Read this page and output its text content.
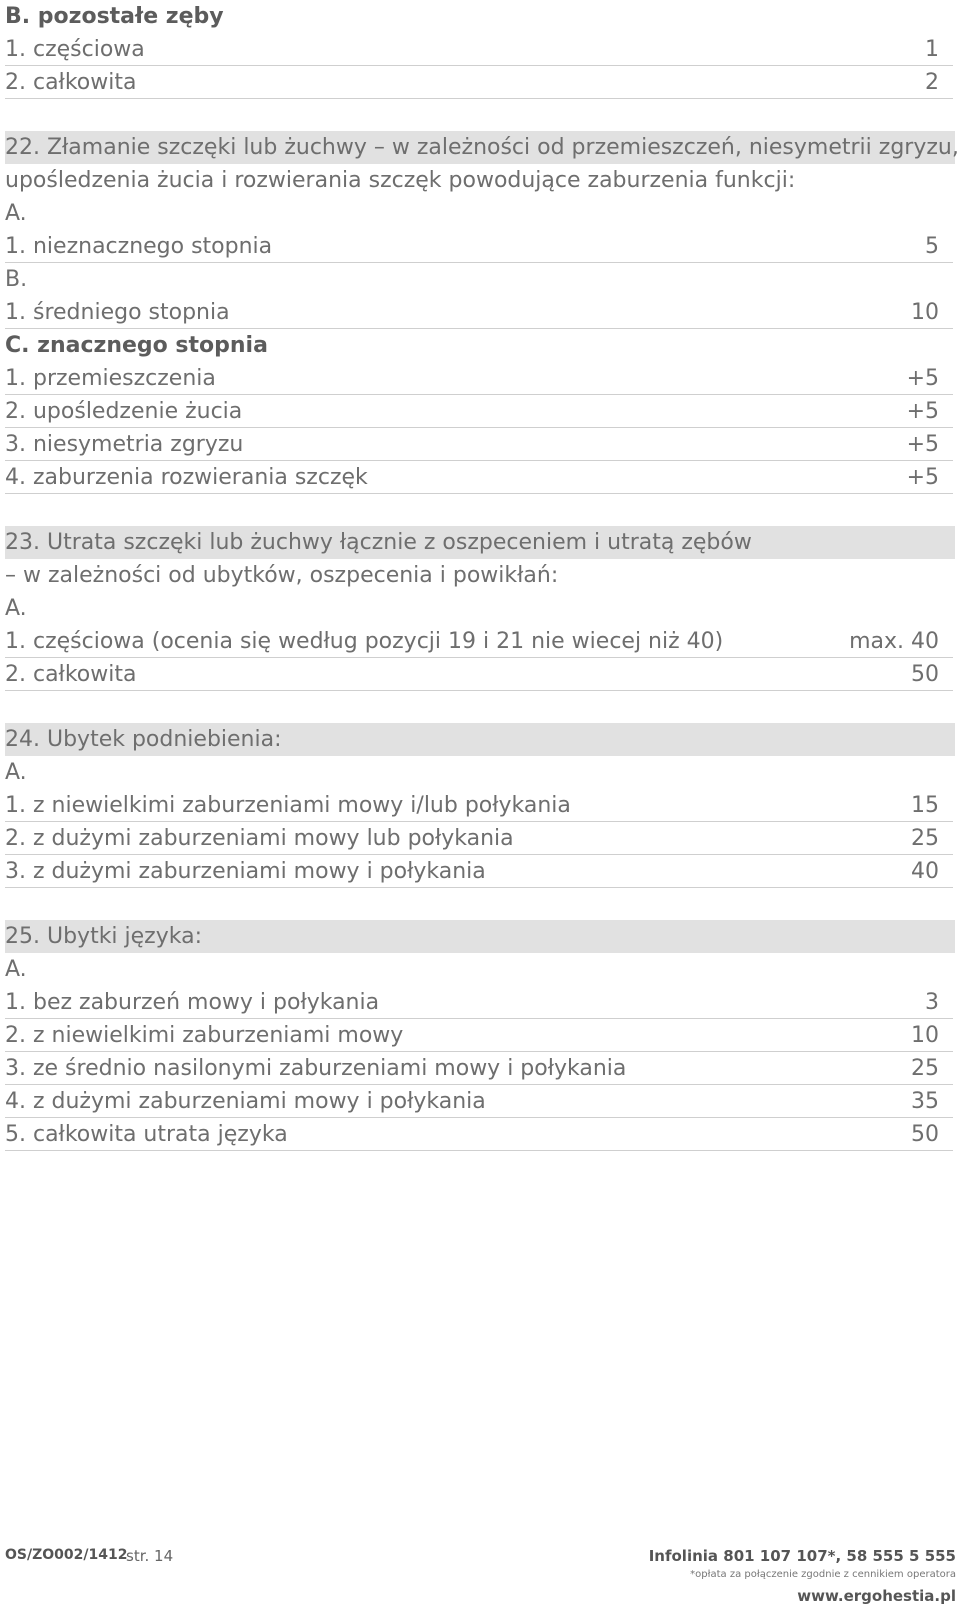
B. pozostałe zęby
1. częściowa	1
2. całkowita	2
22. Złamanie szczęki lub żuchwy – w zależności od przemieszczeń, niesymetrii zgryzu,
upośledzenia żucia i rozwierania szczęk powodujące zaburzenia funkcji:
A.
1. nieznacznego stopnia	5
B.
1. średniego stopnia	10
C. znacznego stopnia
1. przemieszczenia	+5
2. upośledzenie żucia	+5
3. niesymetria zgryzu	+5
4. zaburzenia rozwierania szczęk	+5
23. Utrata szczęki lub żuchwy łącznie z oszpeceniem i utratą zębów
– w zależności od ubytków, oszpecenia i powikłań:
A.
1. częściowa (ocenia się według pozycji 19 i 21 nie wiecej niż 40)	max. 40
2. całkowita	50
24. Ubytek podniebienia:
A.
1. z niewielkimi zaburzeniami mowy i/lub połykania	15
2. z dużymi zaburzeniami mowy lub połykania	25
3. z dużymi zaburzeniami mowy i połykania	40
25. Ubytki języka:
A.
1. bez zaburzeń mowy i połykania	3
2. z niewielkimi zaburzeniami mowy	10
3. ze średnio nasilonymi zaburzeniami mowy i połykania	25
4. z dużymi zaburzeniami mowy i połykania	35
5. całkowita utrata języka	50
OS/ZO002/1412
str. 14	Infolinia 801 107 107*, 58 555 5 555
*opłata za połączenie zgodnie z cennikiem operatora
www.ergohestia.pl
